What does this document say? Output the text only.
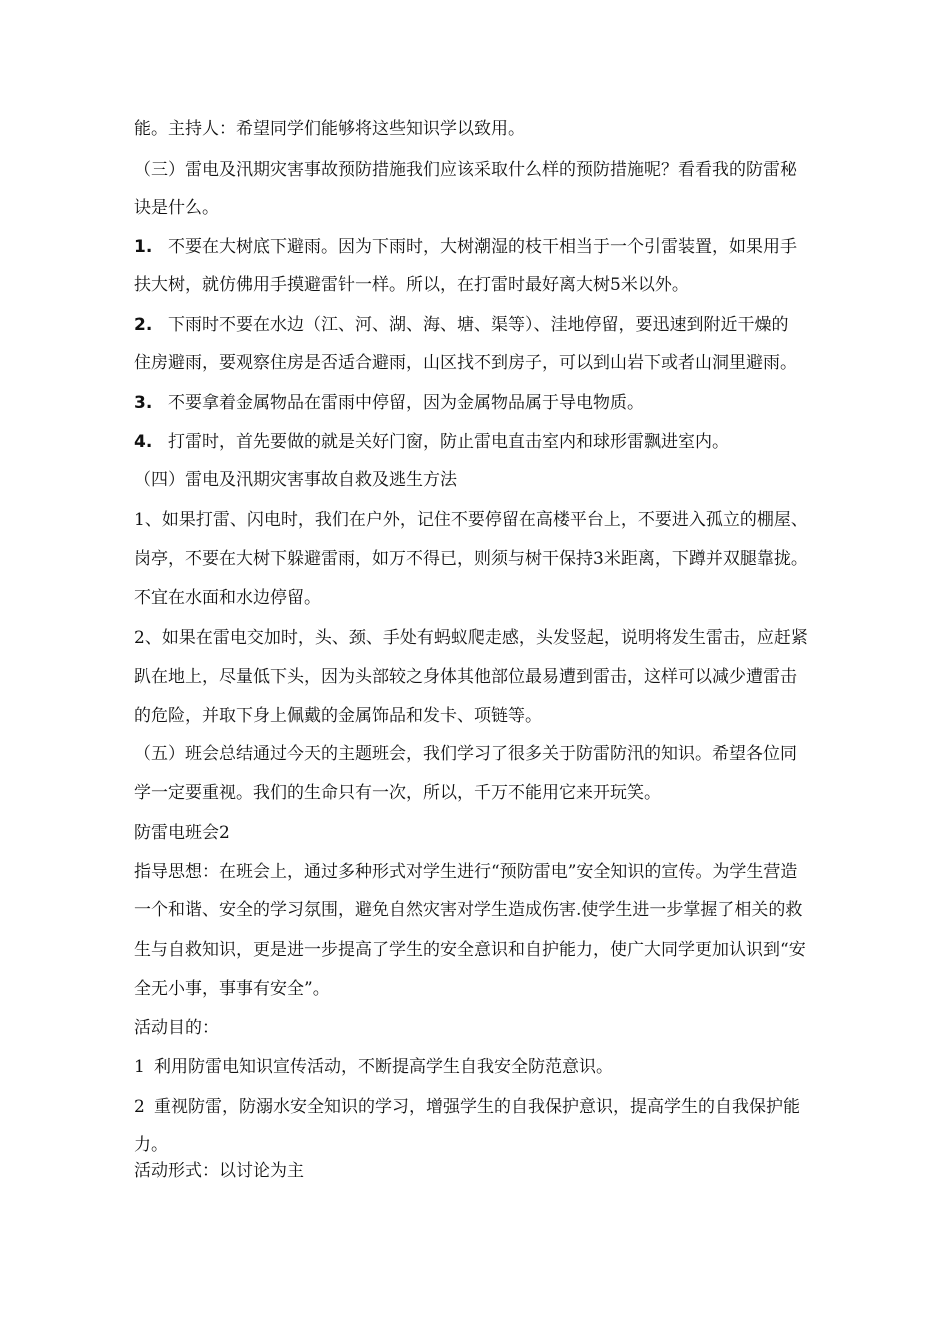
能。主持人：希望同学们能够将这些知识学以致用。
（三）雷电及汛期灾害事故预防措施我们应该采取什么样的预防措施呢？看看我的防雷秘
诀是什么。
1. 不要在大树底下避雨。因为下雨时，大树潮湿的枝干相当于一个引雷装置，如果用手
扶大树，就仿佛用手摸避雷针一样。所以，在打雷时最好离大树5米以外。
2. 下雨时不要在水边（江、河、湖、海、塘、渠等）、洼地停留，要迅速到附近干燥的
住房避雨，要观察住房是否适合避雨，山区找不到房子，可以到山岩下或者山洞里避雨。
3. 不要拿着金属物品在雷雨中停留，因为金属物品属于导电物质。
4. 打雷时，首先要做的就是关好门窗，防止雷电直击室内和球形雷飘进室内。
（四）雷电及汛期灾害事故自救及逃生方法
1、如果打雷、闪电时，我们在户外，记住不要停留在高楼平台上，不要进入孤立的棚屋、
岗亭，不要在大树下躲避雷雨，如万不得已，则须与树干保持3米距离，下蹲并双腿靠拢。
不宜在水面和水边停留。
2、如果在雷电交加时，头、颈、手处有蚂蚁爬走感，头发竖起，说明将发生雷击，应赶紧
趴在地上，尽量低下头，因为头部较之身体其他部位最易遭到雷击，这样可以减少遭雷击
的危险，并取下身上佩戴的金属饰品和发卡、项链等。
（五）班会总结通过今天的主题班会，我们学习了很多关于防雷防汛的知识。希望各位同
学一定要重视。我们的生命只有一次，所以，千万不能用它来开玩笑。
防雷电班会2
指导思想：在班会上，通过多种形式对学生进行“预防雷电”安全知识的宣传。为学生营造
一个和谐、安全的学习氛围，避免自然灾害对学生造成伤害.使学生进一步掌握了相关的救
生与自救知识，更是进一步提高了学生的安全意识和自护能力，使广大同学更加认识到“安
全无小事，事事有安全”。
活动目的：
1 利用防雷电知识宣传活动，不断提高学生自我安全防范意识。
2 重视防雷，防溺水安全知识的学习，增强学生的自我保护意识，提高学生的自我保护能
力。
活动形式：以讨论为主
